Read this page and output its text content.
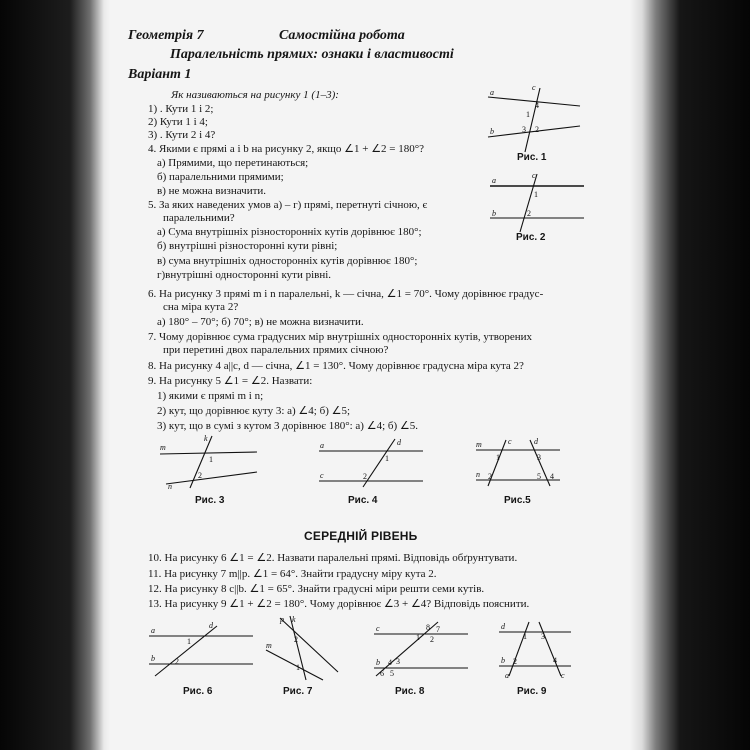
Геометрія 7	Самостійна робота
Паралельність прямих: ознаки і властивості
Варіант 1
Як називаються на рисунку 1 (1–3):
1) . Кути 1 і 2;
2) Кути 1 і 4;
3) . Кути 2 і 4?
4. Якими є прямі a і b на рисунку 2, якщо ∠1 + ∠2 = 180°?
а) Прямими, що перетинаються;
б) паралельними прямими;
в) не можна визначити.
5. За яких наведених умов а) – г) прямі, перетнуті січною, є
паралельними?
а) Сума внутрішніх різносторонніх кутів дорівнює 180°;
б) внутрішні різносторонні кути рівні;
в) сума внутрішніх односторонніх кутів дорівнює 180°;
г)внутрішні односторонні кути рівні.
6. На рисунку 3 прямі m і n паралельні, k — січна, ∠1 = 70°. Чому дорівнює градус-
сна міра кута 2?
а) 180° – 70°; б) 70°; в) не можна визначити.
7. Чому дорівнює сума градусних мір внутрішніх односторонніх кутів, утворених
при перетині двох паралельних прямих січною?
8. На рисунку 4 a||c, d — січна, ∠1 = 130°. Чому дорівнює градусна міра кута 2?
9. На рисунку 5 ∠1 = ∠2. Назвати:
1) якими є прямі m і n;
2) кут, що дорівнює куту 3: а) ∠4; б) ∠5;
3) кут, що в сумі з кутом 3 дорівнює 180°: а) ∠4; б) ∠5.
a
b
c
4
1
3 2
Рис. 1
a
b
c
1
2
Рис. 2
m
n
k
1
2
Рис. 3
a
c
d
1
2
Рис. 4
m
n
c	d
1
2
3
5 4
Рис.5
СЕРЕДНІЙ РІВЕНЬ
10. На рисунку 6 ∠1 = ∠2. Назвати паралельні прямі. Відповідь обґрунтувати.
11. На рисунку 7 m||p. ∠1 = 64°. Знайти градусну міру кута 2.
12. На рисунку 8 c||b. ∠1 = 65°. Знайти градусні міри решти семи кутів.
13. На рисунку 9 ∠1 + ∠2 = 180°. Чому дорівнює ∠3 + ∠4? Відповідь пояснити.
a
b
d
1
2
Рис. 6
p k
m
2
1
Рис. 7
c
b
8 7
1 2
4 3
6 5
Рис. 8
d
b
a	c
1 3
2	4
Рис. 9
